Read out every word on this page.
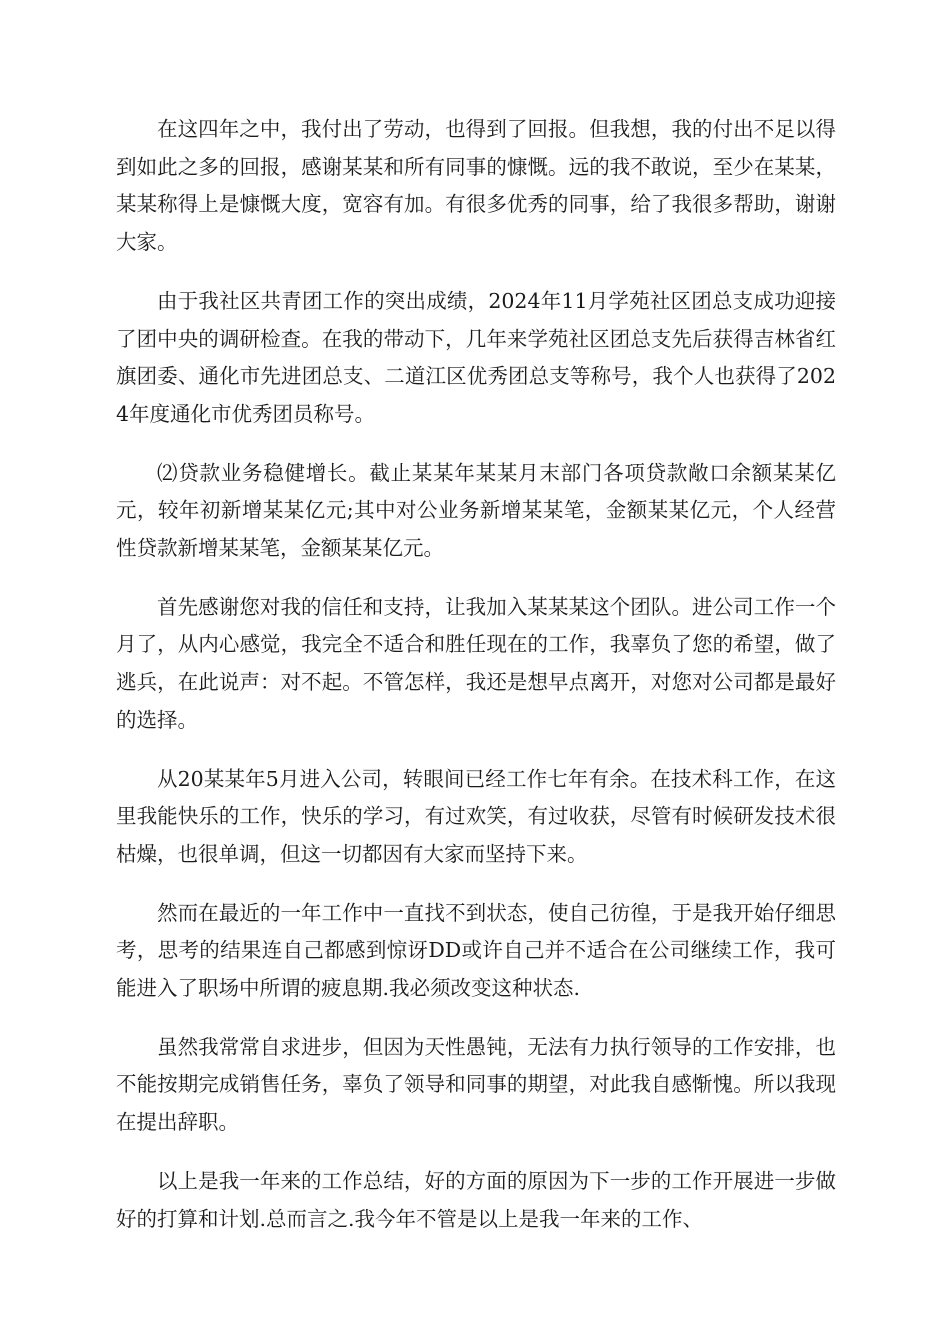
在这四年之中，我付出了劳动，也得到了回报。但我想，我的付出不足以得到如此之多的回报，感谢某某和所有同事的慷慨。远的我不敢说，至少在某某，某某称得上是慷慨大度，宽容有加。有很多优秀的同事，给了我很多帮助，谢谢大家。

由于我社区共青团工作的突出成绩，2024年11月学苑社区团总支成功迎接了团中央的调研检查。在我的带动下，几年来学苑社区团总支先后获得吉林省红旗团委、通化市先进团总支、二道江区优秀团总支等称号，我个人也获得了2024年度通化市优秀团员称号。

⑵贷款业务稳健增长。截止某某年某某月末部门各项贷款敞口余额某某亿元，较年初新增某某亿元;其中对公业务新增某某笔，金额某某亿元，个人经营性贷款新增某某笔，金额某某亿元。

首先感谢您对我的信任和支持，让我加入某某某这个团队。进公司工作一个月了，从内心感觉，我完全不适合和胜任现在的工作，我辜负了您的希望，做了逃兵，在此说声：对不起。不管怎样，我还是想早点离开，对您对公司都是最好的选择。

从20某某年5月进入公司，转眼间已经工作七年有余。在技术科工作，在这里我能快乐的工作，快乐的学习，有过欢笑，有过收获，尽管有时候研发技术很枯燥，也很单调，但这一切都因有大家而坚持下来。

然而在最近的一年工作中一直找不到状态，使自己彷徨，于是我开始仔细思考，思考的结果连自己都感到惊讶DD或许自己并不适合在公司继续工作，我可能进入了职场中所谓的疲息期.我必须改变这种状态.

虽然我常常自求进步，但因为天性愚钝，无法有力执行领导的工作安排，也不能按期完成销售任务，辜负了领导和同事的期望，对此我自感惭愧。所以我现在提出辞职。

以上是我一年来的工作总结，好的方面的原因为下一步的工作开展进一步做好的打算和计划.总而言之.我今年不管是以上是我一年来的工作、
